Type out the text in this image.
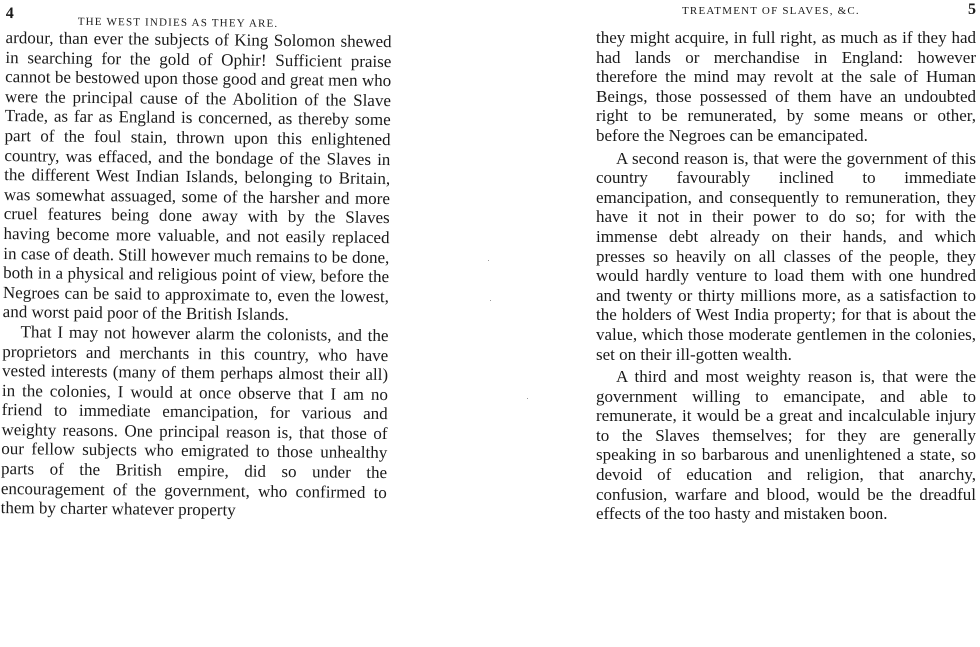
4
THE WEST INDIES AS THEY ARE.

ardour, than ever the subjects of King Solomon shewed in searching for the gold of Ophir! Sufficient praise cannot be bestowed upon those good and great men who were the principal cause of the Abolition of the Slave Trade, as far as England is concerned, as thereby some part of the foul stain, thrown upon this enlightened country, was effaced, and the bondage of the Slaves in the different West Indian Islands, belonging to Britain, was somewhat assuaged, some of the harsher and more cruel features being done away with by the Slaves having become more valuable, and not easily replaced in case of death. Still however much remains to be done, both in a physical and religious point of view, before the Negroes can be said to approximate to, even the lowest, and worst paid poor of the British Islands.

That I may not however alarm the colonists, and the proprietors and merchants in this country, who have vested interests (many of them perhaps almost their all) in the colonies, I would at once observe that I am no friend to immediate emancipation, for various and weighty reasons. One principal reason is, that those of our fellow subjects who emigrated to those unhealthy parts of the British empire, did so under the encouragement of the government, who confirmed to them by charter whatever property

TREATMENT OF SLAVES, &C.	5

they might acquire, in full right, as much as if they had had lands or merchandise in England: however therefore the mind may revolt at the sale of Human Beings, those possessed of them have an undoubted right to be remunerated, by some means or other, before the Negroes can be emancipated.

A second reason is, that were the government of this country favourably inclined to immediate emancipation, and consequently to remuneration, they have it not in their power to do so; for with the immense debt already on their hands, and which presses so heavily on all classes of the people, they would hardly venture to load them with one hundred and twenty or thirty millions more, as a satisfaction to the holders of West India property; for that is about the value, which those moderate gentlemen in the colonies, set on their ill-gotten wealth.

A third and most weighty reason is, that were the government willing to emancipate, and able to remunerate, it would be a great and incalculable injury to the Slaves themselves; for they are generally speaking in so barbarous and unenlightened a state, so devoid of education and religion, that anarchy, confusion, warfare and blood, would be the dreadful effects of the too hasty and mistaken boon.
